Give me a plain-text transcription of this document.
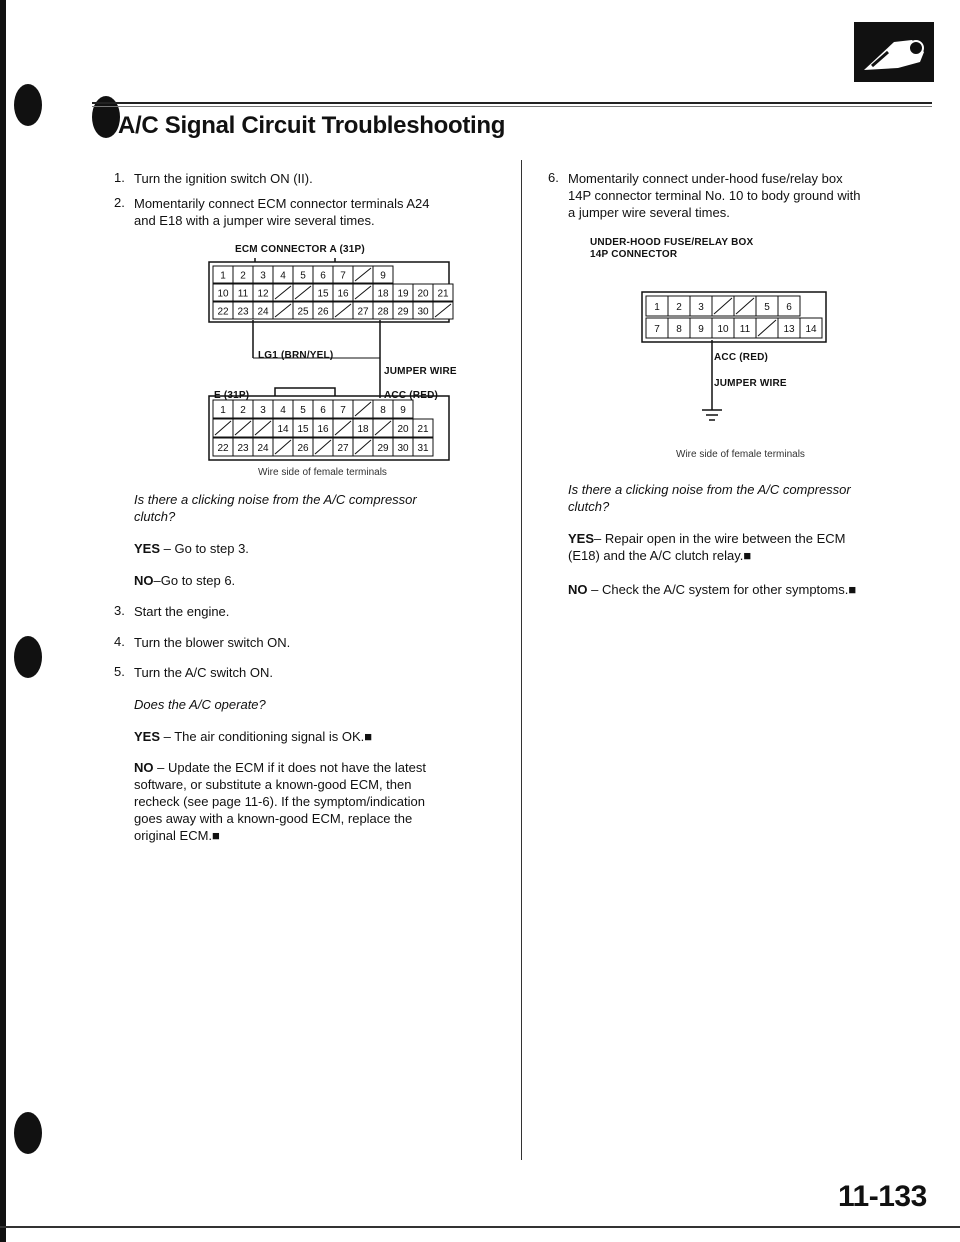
A/C Signal Circuit Troubleshooting
1. Turn the ignition switch ON (II).
2. Momentarily connect ECM connector terminals A24
and E18 with a jumper wire several times.
ECM CONNECTOR A (31P)
1 2 3 4 5 6 7	9
10 11 12	15 16	18 19 20 21
22 23 24	25 26	27 28 29 30
1 2 3 4 5 6 7	8 9
14 15 16	18	20 21
22 23 24	26	27	29 30 31
LG1 (BRN/YEL)
JUMPER WIRE
E (31P)	ACC (RED)
Wire side of female terminals
Is there a clicking noise from the A/C compressor
clutch?
YES – Go to step 3.
NO–Go to step 6.
3. Start the engine.
4. Turn the blower switch ON.
5. Turn the A/C switch ON.
Does the A/C operate?
YES – The air conditioning signal is OK.■
NO – Update the ECM if it does not have the latest
software, or substitute a known-good ECM, then
recheck (see page 11-6). If the symptom/indication
goes away with a known-good ECM, replace the
original ECM.■
6. Momentarily connect under-hood fuse/relay box
14P connector terminal No. 10 to body ground with
a jumper wire several times.
UNDER-HOOD FUSE/RELAY BOX
14P CONNECTOR
1 2 3	5 6
7 8 9 10 11	13 14
ACC (RED)
JUMPER WIRE
Wire side of female terminals
Is there a clicking noise from the A/C compressor
clutch?
YES– Repair open in the wire between the ECM
(E18) and the A/C clutch relay.■
NO – Check the A/C system for other symptoms.■
11-133
